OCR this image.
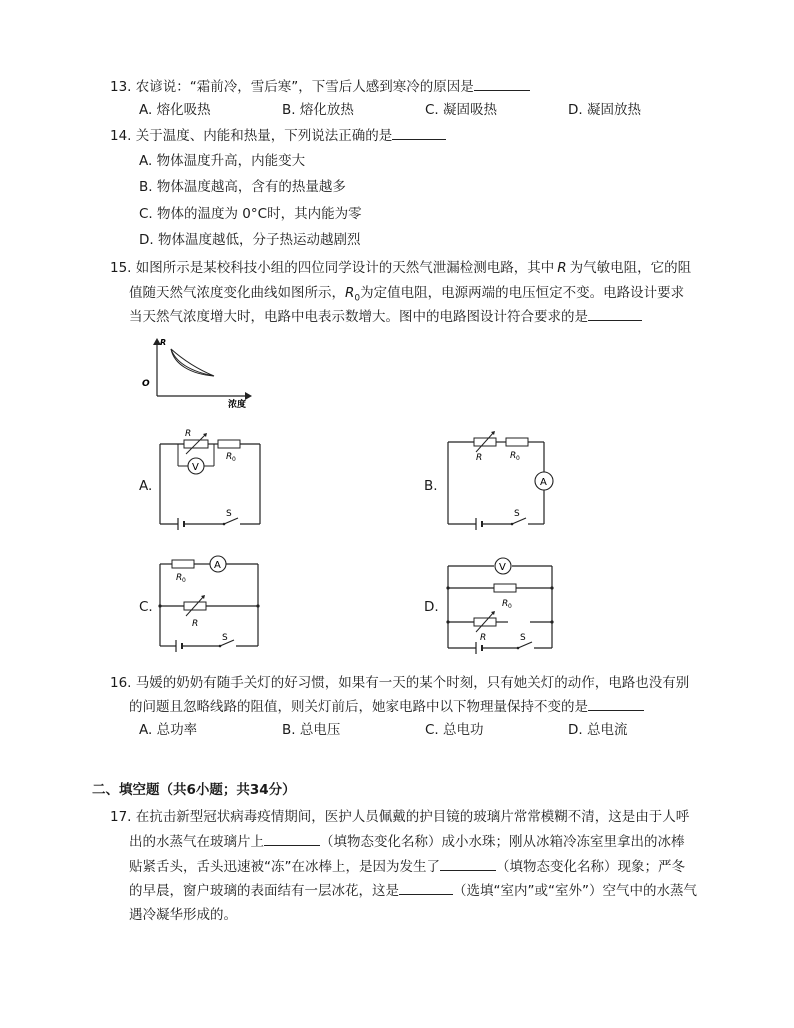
13. 农谚说：“霜前冷，雪后寒”，下雪后人感到寒冷的原因是
A. 熔化吸热	B. 熔化放热	C. 凝固吸热	D. 凝固放热
14. 关于温度、内能和热量，下列说法正确的是
A. 物体温度升高，内能变大
B. 物体温度越高，含有的热量越多
C. 物体的温度为 0°C时，其内能为零
D. 物体温度越低，分子热运动越剧烈
15. 如图所示是某校科技小组的四位同学设计的天然气泄漏检测电路，其中 R 为气敏电阻，它的阻
值随天然气浓度变化曲线如图所示，$R_0$为定值电阻，电源两端的电压恒定不变。电路设计要求
当天然气浓度增大时，电路中电表示数增大。图中的电路图设计符合要求的是
R
O
浓度
A.
V
R
R 0
S
B.	A
R	R 0
S
C.
A
R 0
R
S
D.
V
R 0
R	S
16. 马媛的奶奶有随手关灯的好习惯，如果有一天的某个时刻，只有她关灯的动作，电路也没有别
的问题且忽略线路的阻值，则关灯前后，她家电路中以下物理量保持不变的是
A. 总功率	B. 总电压	C. 总电功	D. 总电流
二、填空题（共6小题；共34分）
17. 在抗击新型冠状病毒疫情期间，医护人员佩戴的护目镜的玻璃片常常模糊不清，这是由于人呼
出的水蒸气在玻璃片上	（填物态变化名称）成小水珠；刚从冰箱冷冻室里拿出的冰棒
贴紧舌头，舌头迅速被“冻”在冰棒上，是因为发生了	（填物态变化名称）现象；严冬
的早晨，窗户玻璃的表面结有一层冰花，这是	（选填“室内”或“室外”）空气中的水蒸气
遇冷凝华形成的。
